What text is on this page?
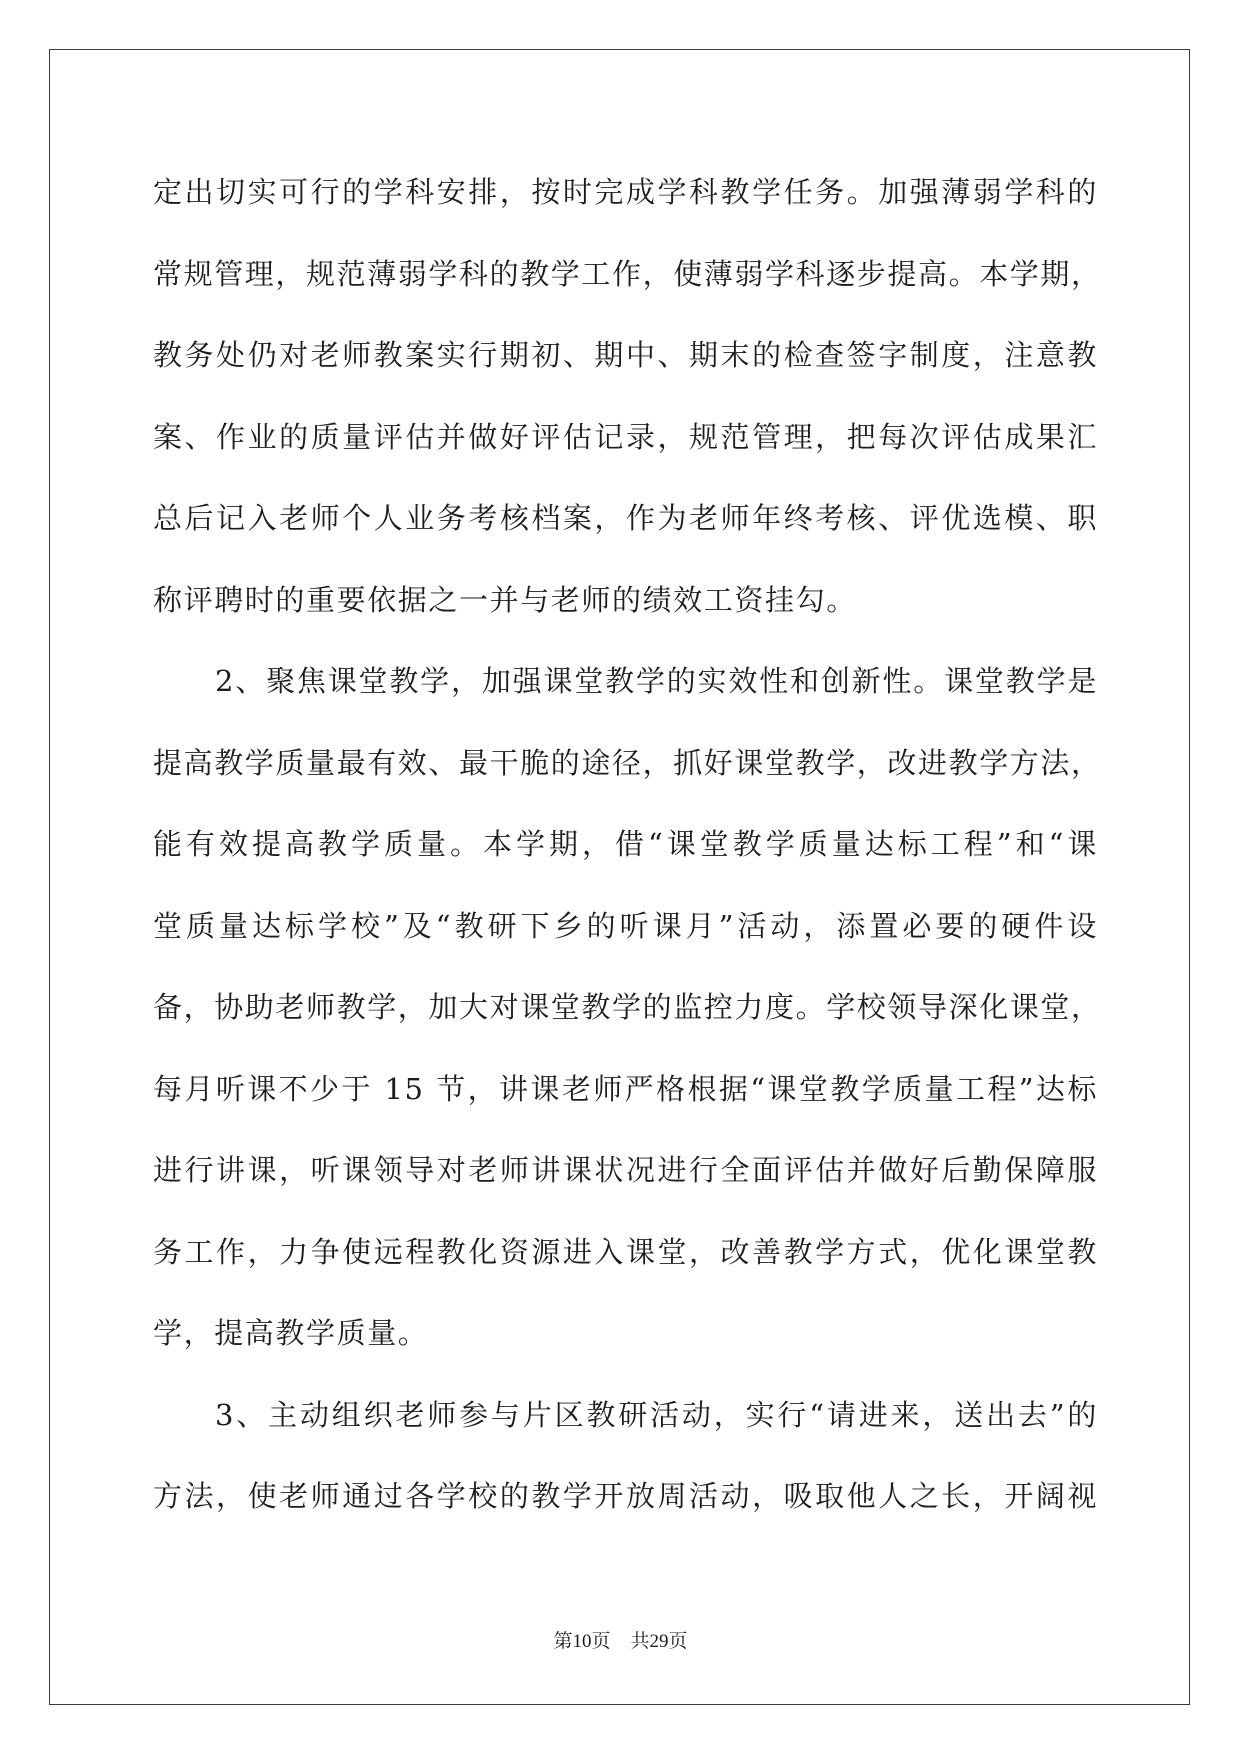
定出切实可行的学科安排，按时完成学科教学任务。加强薄弱学科的
常规管理，规范薄弱学科的教学工作，使薄弱学科逐步提高。本学期，
教务处仍对老师教案实行期初、期中、期末的检查签字制度，注意教
案、作业的质量评估并做好评估记录，规范管理，把每次评估成果汇
总后记入老师个人业务考核档案，作为老师年终考核、评优选模、职
称评聘时的重要依据之一并与老师的绩效工资挂勾。
2、聚焦课堂教学，加强课堂教学的实效性和创新性。课堂教学是
提高教学质量最有效、最干脆的途径，抓好课堂教学，改进教学方法，
能有效提高教学质量。本学期，借“课堂教学质量达标工程”和“课
堂质量达标学校”及“教研下乡的听课月”活动，添置必要的硬件设
备，协助老师教学，加大对课堂教学的监控力度。学校领导深化课堂，
每月听课不少于 15 节，讲课老师严格根据“课堂教学质量工程”达标
进行讲课，听课领导对老师讲课状况进行全面评估并做好后勤保障服
务工作，力争使远程教化资源进入课堂，改善教学方式，优化课堂教
学，提高教学质量。
3、主动组织老师参与片区教研活动，实行“请进来，送出去”的
方法，使老师通过各学校的教学开放周活动，吸取他人之长，开阔视
第10页 共29页
